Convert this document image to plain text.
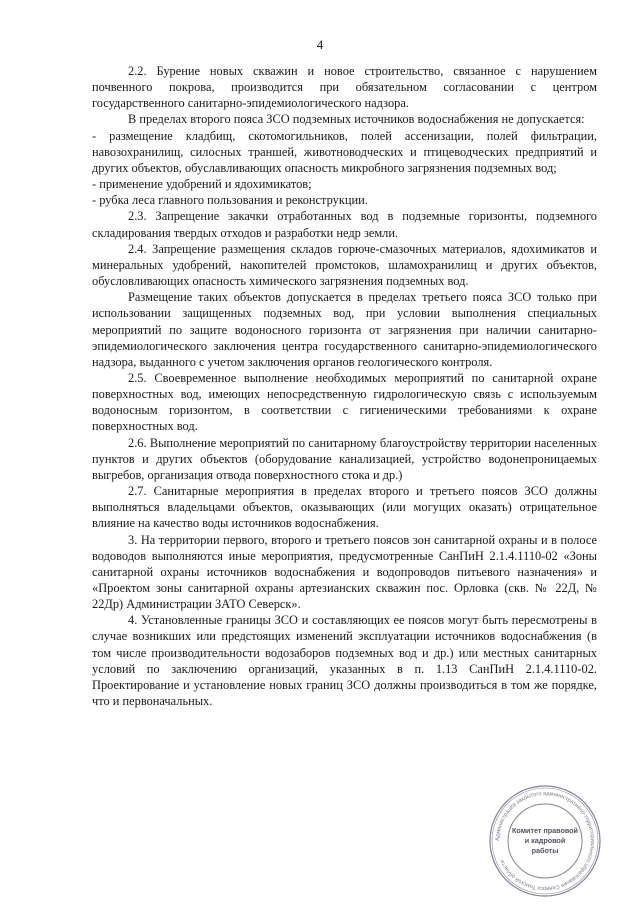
4

2.2. Бурение новых скважин и новое строительство, связанное с нарушением почвенного покрова, производится при обязательном согласовании с центром государственного санитарно-эпидемиологического надзора.

В пределах второго пояса ЗСО подземных источников водоснабжения не допускается:

- размещение кладбищ, скотомогильников, полей ассенизации, полей фильтрации, навозохранилищ, силосных траншей, животноводческих и птицеводческих предприятий и других объектов, обуславливающих опасность микробного загрязнения подземных вод;

- применение удобрений и ядохимикатов;

- рубка леса главного пользования и реконструкции.

2.3. Запрещение закачки отработанных вод в подземные горизонты, подземного складирования твердых отходов и разработки недр земли.

2.4. Запрещение размещения складов горюче-смазочных материалов, ядохимикатов и минеральных удобрений, накопителей промстоков, шламохранилищ и других объектов, обусловливающих опасность химического загрязнения подземных вод.

Размещение таких объектов допускается в пределах третьего пояса ЗСО только при использовании защищенных подземных вод, при условии выполнения специальных мероприятий по защите водоносного горизонта от загрязнения при наличии санитарно-эпидемиологического заключения центра государственного санитарно-эпидемиологического надзора, выданного с учетом заключения органов геологического контроля.

2.5. Своевременное выполнение необходимых мероприятий по санитарной охране поверхностных вод, имеющих непосредственную гидрологическую связь с используемым водоносным горизонтом, в соответствии с гигиеническими требованиями к охране поверхностных вод.

2.6. Выполнение мероприятий по санитарному благоустройству территории населенных пунктов и других объектов (оборудование канализацией, устройство водонепроницаемых выгребов, организация отвода поверхностного стока и др.)

2.7. Санитарные мероприятия в пределах второго и третьего поясов ЗСО должны выполняться владельцами объектов, оказывающих (или могущих оказать) отрицательное влияние на качество воды источников водоснабжения.

3. На территории первого, второго и третьего поясов зон санитарной охраны и в полосе водоводов выполняются иные мероприятия, предусмотренные СанПиН 2.1.4.1110-02 «Зоны санитарной охраны источников водоснабжения и водопроводов питьевого назначения» и «Проектом зоны санитарной охраны артезианских скважин пос. Орловка (скв. № 22Д, № 22Др) Администрации ЗАТО Северск».

4. Установленные границы ЗСО и составляющих ее поясов могут быть пересмотрены в случае возникших или предстоящих изменений эксплуатации источников водоснабжения (в том числе производительности водозаборов подземных вод и др.) или местных санитарных условий по заключению организаций, указанных в п. 1.13 СанПиН 2.1.4.1110-02. Проектирование и установление новых границ ЗСО должны производиться в том же порядке, что и первоначальных.

Администрация закрытого административно-территориального образования Северск Томской области
Комитет правовой
и кадровой
работы
